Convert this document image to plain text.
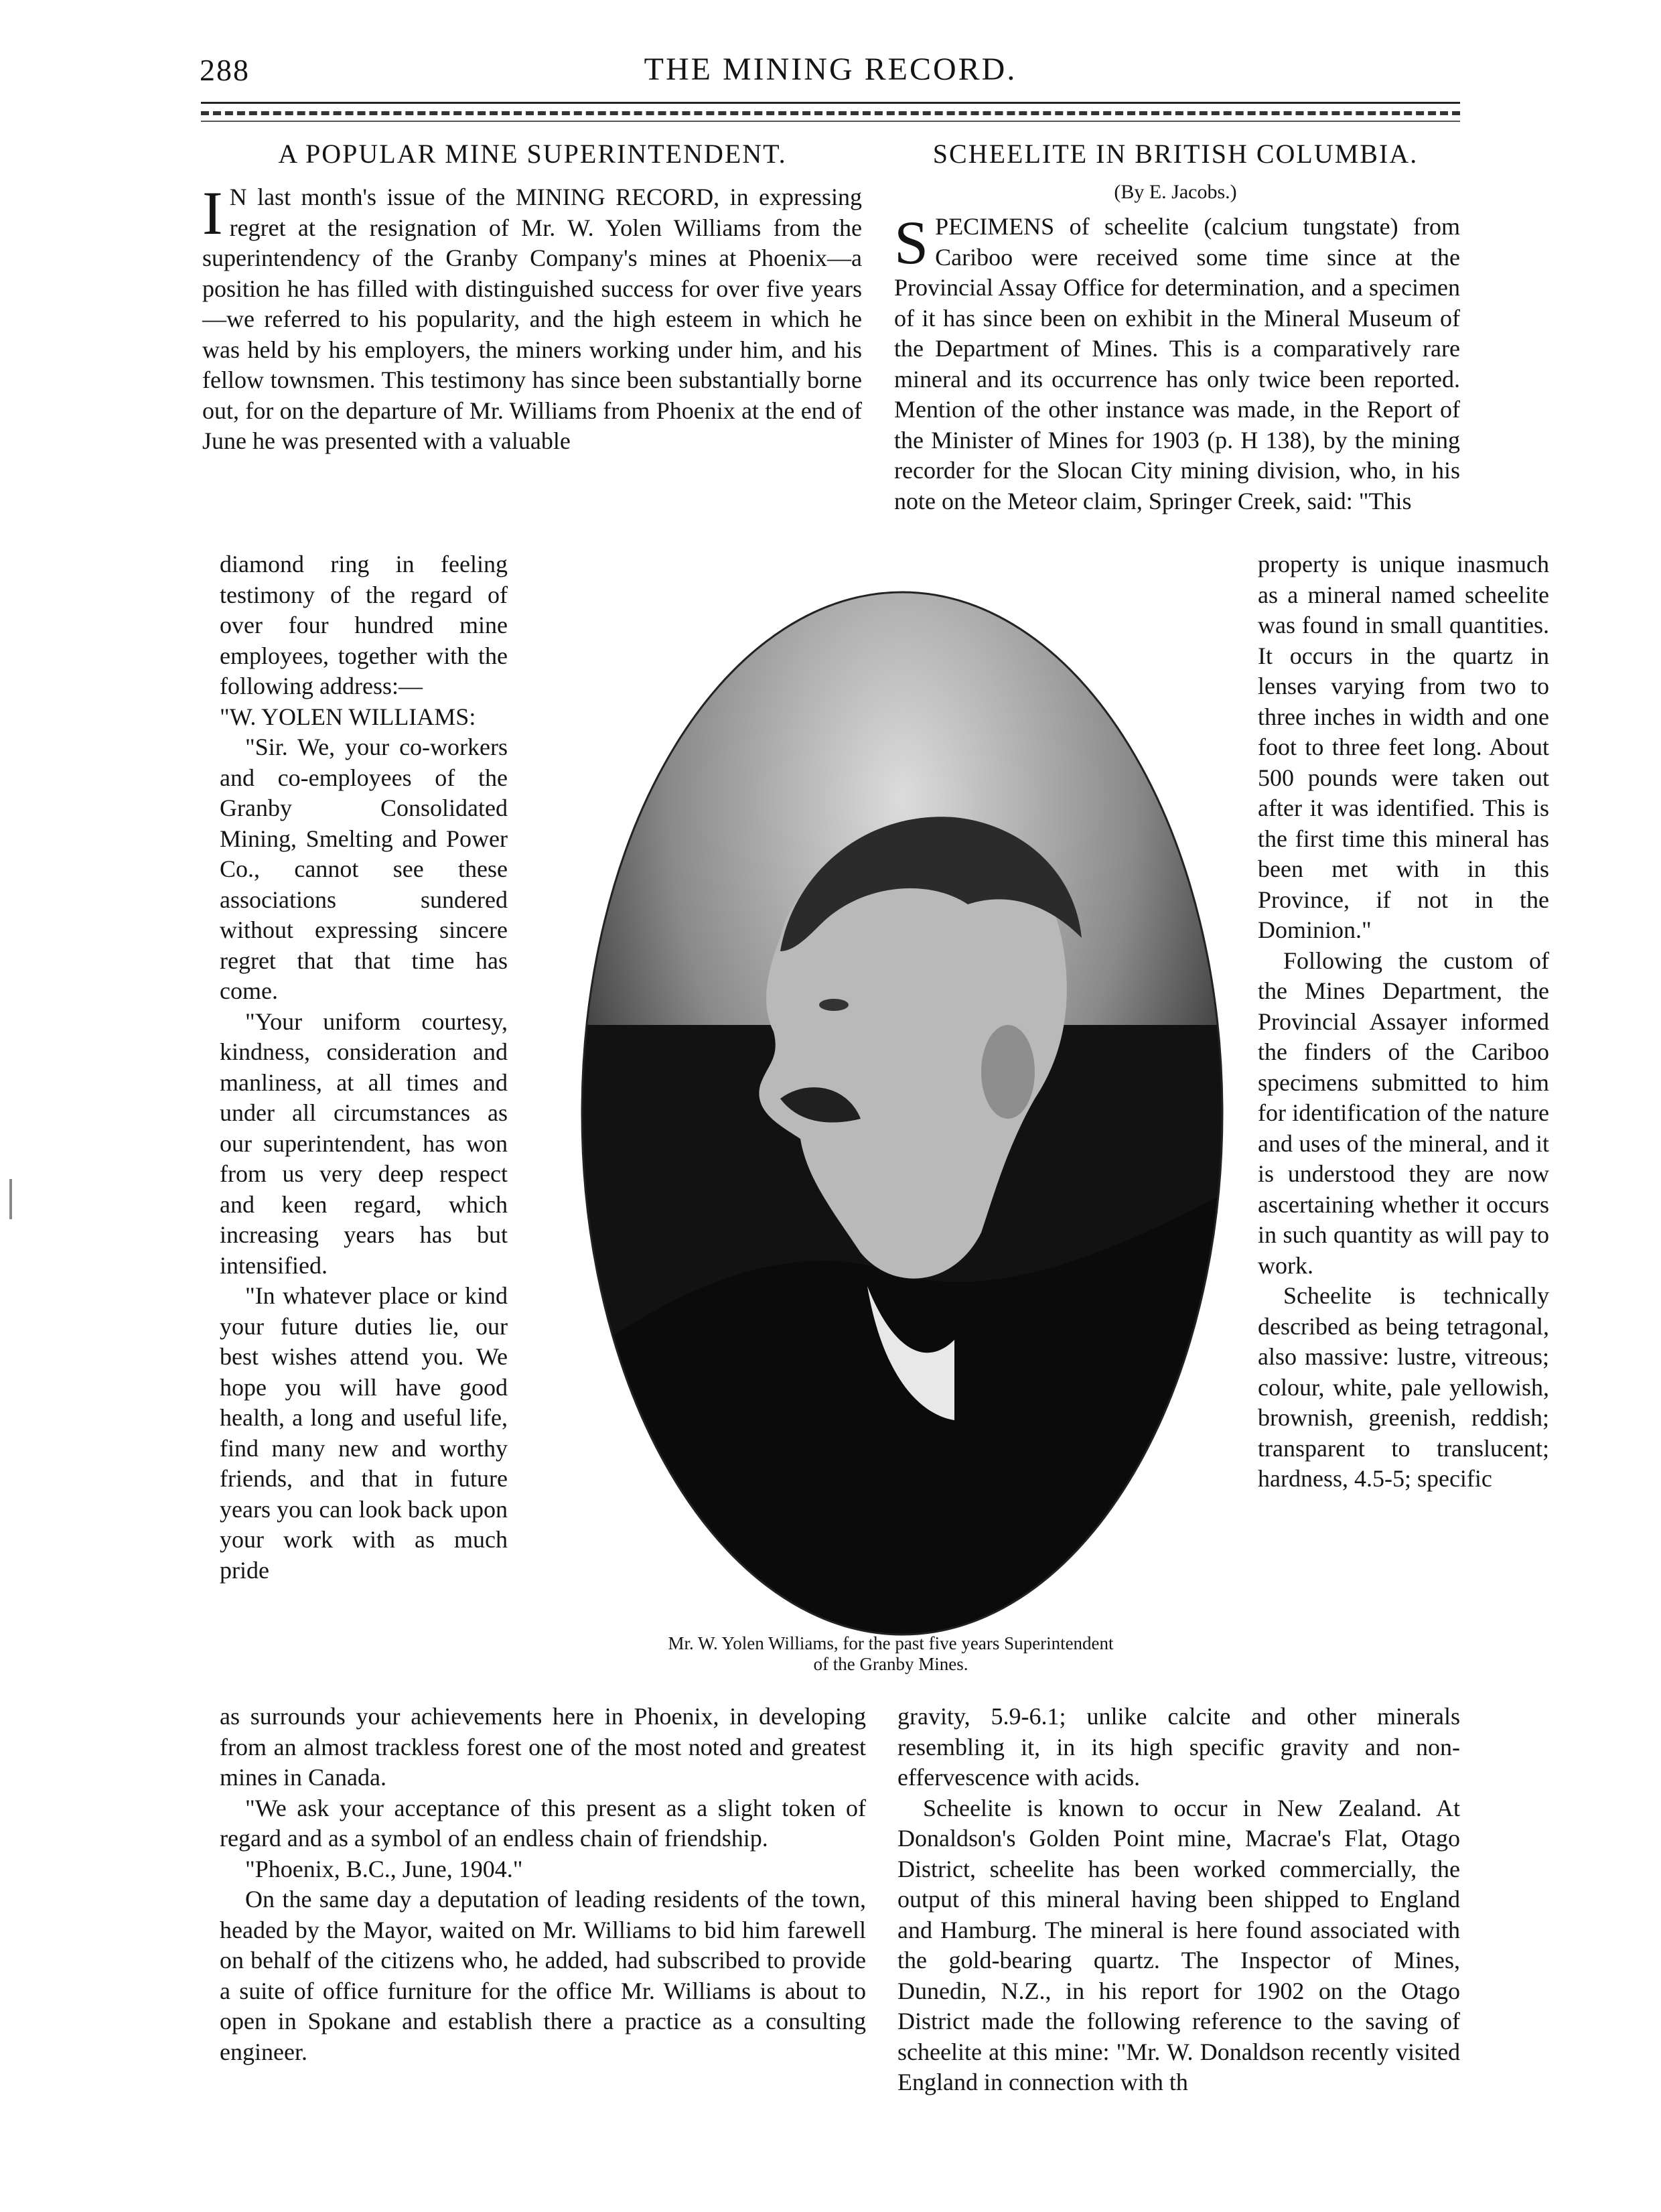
288	THE MINING RECORD.
A POPULAR MINE SUPERINTENDENT.

I N last month's issue of the MINING RECORD, in expressing regret at the resignation of Mr. W. Yolen Williams from the superintendency of the Granby Company's mines at Phoenix—a position he has filled with distinguished success for over five years—we referred to his popularity, and the high esteem in which he was held by his employers, the miners working under him, and his fellow townsmen. This testimony has since been substantially borne out, for on the departure of Mr. Williams from Phoenix at the end of June he was presented with a valuable

diamond ring in feeling testimony of the regard of over four hundred mine employees, together with the following address:—

"W. YOLEN WILLIAMS:

"Sir. We, your co-workers and co-employees of the Granby Consolidated Mining, Smelting and Power Co., cannot see these associations sundered without expressing sincere regret that that time has come.

"Your uniform courtesy, kindness, consideration and manliness, at all times and under all circumstances as our superintendent, has won from us very deep respect and keen regard, which increasing years has but intensified.

"In whatever place or kind your future duties lie, our best wishes attend you. We hope you will have good health, a long and useful life, find many new and worthy friends, and that in future years you can look back upon your work with as much pride

as surrounds your achievements here in Phoenix, in developing from an almost trackless forest one of the most noted and greatest mines in Canada.

"We ask your acceptance of this present as a slight token of regard and as a symbol of an endless chain of friendship.

"Phoenix, B.C., June, 1904."

On the same day a deputation of leading residents of the town, headed by the Mayor, waited on Mr. Williams to bid him farewell on behalf of the citizens who, he added, had subscribed to provide a suite of office furniture for the office Mr. Williams is about to open in Spokane and establish there a practice as a consulting engineer.

SCHEELITE IN BRITISH COLUMBIA.
(By E. Jacobs.)

SPECIMENS of scheelite (calcium tungstate) from Cariboo were received some time since at the Provincial Assay Office for determination, and a specimen of it has since been on exhibit in the Mineral Museum of the Department of Mines. This is a comparatively rare mineral and its occurrence has only twice been reported. Mention of the other instance was made, in the Report of the Minister of Mines for 1903 (p. H 138), by the mining recorder for the Slocan City mining division, who, in his note on the Meteor claim, Springer Creek, said: "This

property is unique inasmuch as a mineral named scheelite was found in small quantities. It occurs in the quartz in lenses varying from two to three inches in width and one foot to three feet long. About 500 pounds were taken out after it was identified. This is the first time this mineral has been met with in this Province, if not in the Dominion."

Following the custom of the Mines Department, the Provincial Assayer informed the finders of the Cariboo specimens submitted to him for identification of the nature and uses of the mineral, and it is understood they are now ascertaining whether it occurs in such quantity as will pay to work.

Scheelite is technically described as being tetragonal, also massive: lustre, vitreous; colour, white, pale yellowish, brownish, greenish, reddish; transparent to translucent; hardness, 4.5-5; specific

gravity, 5.9-6.1; unlike calcite and other minerals resembling it, in its high specific gravity and non-effervescence with acids.

Scheelite is known to occur in New Zealand. At Donaldson's Golden Point mine, Macrae's Flat, Otago District, scheelite has been worked commercially, the output of this mineral having been shipped to England and Hamburg. The mineral is here found associated with the gold-bearing quartz. The Inspector of Mines, Dunedin, N.Z., in his report for 1902 on the Otago District made the following reference to the saving of scheelite at this mine: "Mr. W. Donaldson recently visited England in connection with th

Mr. W. Yolen Williams, for the past five years Superintendent
of the Granby Mines.
